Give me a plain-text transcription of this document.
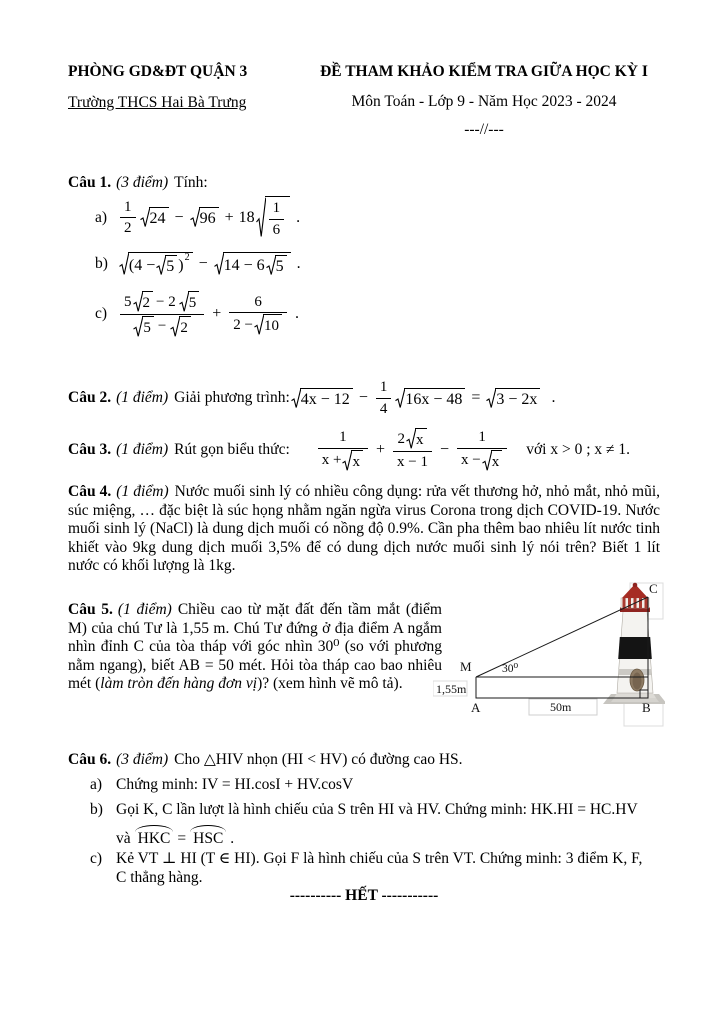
PHÒNG GD&ĐT QUẬN 3
Trường THCS Hai Bà Trưng
ĐỀ THAM KHẢO KIỂM TRA GIỮA HỌC KỲ I
Môn Toán - Lớp 9 - Năm Học 2023 - 2024
---//---
Câu 1. (3 điểm) Tính:
$a) \frac{1}{2} 24 - 96 + 18 \frac{1}{6}$ .
b) (4 − 5 ) 2 − 14 − 6 5 .
c)
5 2 − 2 5
5 − 2
+ $\frac{6}{2 - 10}$ .
Câu 2. (1 điểm) Giải phương trình: $4x - 12 - \frac{1}{4} 16x - 48 = 3 - 2x$ .
Câu 3. (1 điểm) Rút gọn biểu thức: $\frac{1}{x + x} + \frac{2 x}{x - 1} - \frac{1}{x - x}$ với x > 0 ; x ≠ 1.
Câu 4. (1 điểm) Nước muối sinh lý có nhiều công dụng: rửa vết thương hở, nhỏ mắt, nhỏ mũi, súc miệng, … đặc biệt là súc họng nhằm ngăn ngừa virus Corona trong dịch COVID-19. Nước muối sinh lý (NaCl) là dung dịch muối có nồng độ 0.9%. Cần pha thêm bao nhiêu lít nước tinh khiết vào 9kg dung dịch muối 3,5% để có dung dịch nước muối sinh lý nói trên? Biết 1 lít nước có khối lượng là 1kg.
Câu 5. (1 điểm) Chiều cao từ mặt đất đến tầm mắt (điểm M) của chú Tư là 1,55 m. Chú Tư đứng ở địa điểm A ngắm nhìn đỉnh C của tòa tháp với góc nhìn 30⁰ (so với phương nằm ngang), biết AB = 50 mét. Hỏi tòa tháp cao bao nhiêu mét (làm tròn đến hàng đơn vị)? (xem hình vẽ mô tả).
C
M
A	B
30⁰
1,55m
50m
Câu 6. (3 điểm) Cho △HIV nhọn (HI < HV) có đường cao HS.
a) Chứng minh: IV = HI.cosI + HV.cosV
b) Gọi K, C lần lượt là hình chiếu của S trên HI và HV. Chứng minh: HK.HI = HC.HV
và HKC = HSC .
c) Kẻ VT ⊥ HI (T ∈ HI). Gọi F là hình chiếu của S trên VT. Chứng minh: 3 điểm K, F,
C thẳng hàng.
---------- HẾT -----------
